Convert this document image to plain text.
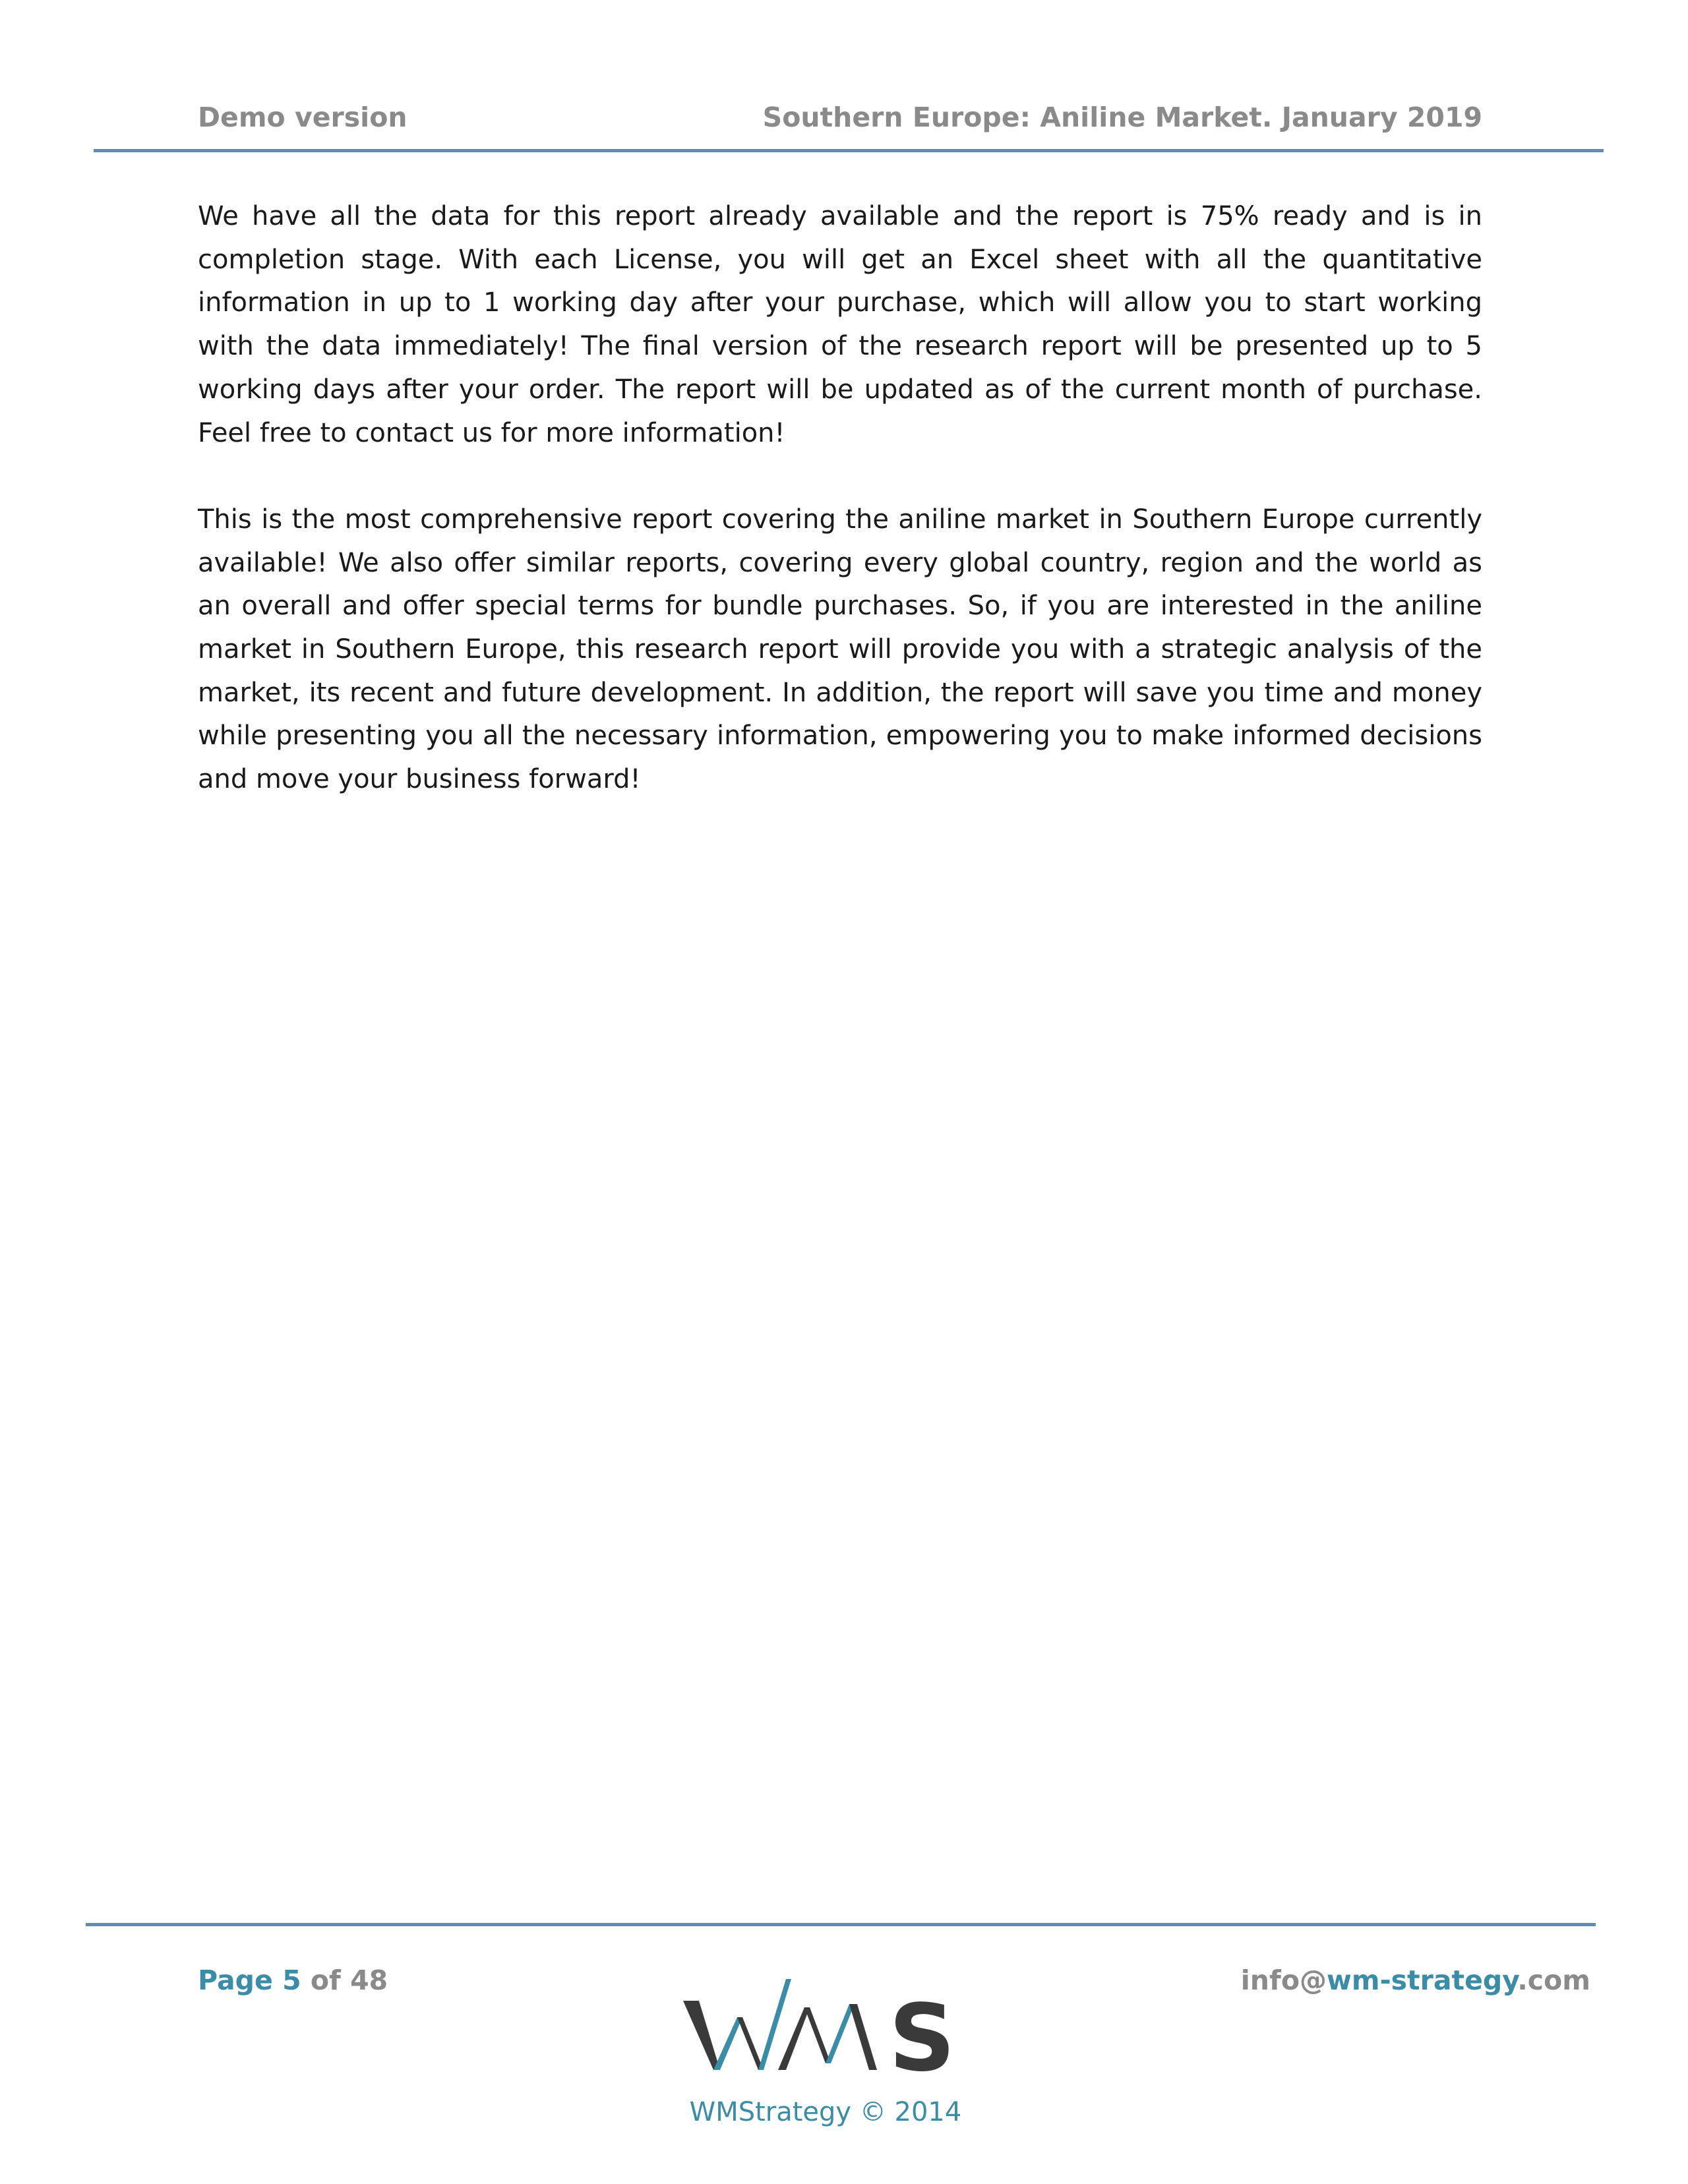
Demo version	Southern Europe: Aniline Market. January 2019

We have all the data for this report already available and the report is 75% ready and is in completion stage. With each License, you will get an Excel sheet with all the quantitative information in up to 1 working day after your purchase, which will allow you to start working with the data immediately! The final version of the research report will be presented up to 5 working days after your order. The report will be updated as of the current month of purchase. Feel free to contact us for more information!

This is the most comprehensive report covering the aniline market in Southern Europe currently available! We also offer similar reports, covering every global country, region and the world as an overall and offer special terms for bundle purchases. So, if you are interested in the aniline market in Southern Europe, this research report will provide you with a strategic analysis of the market, its recent and future development. In addition, the report will save you time and money while presenting you all the necessary information, empowering you to make informed decisions and move your business forward!

Page 5 of 48	info@wm-strategy.com
S
WMStrategy © 2014
